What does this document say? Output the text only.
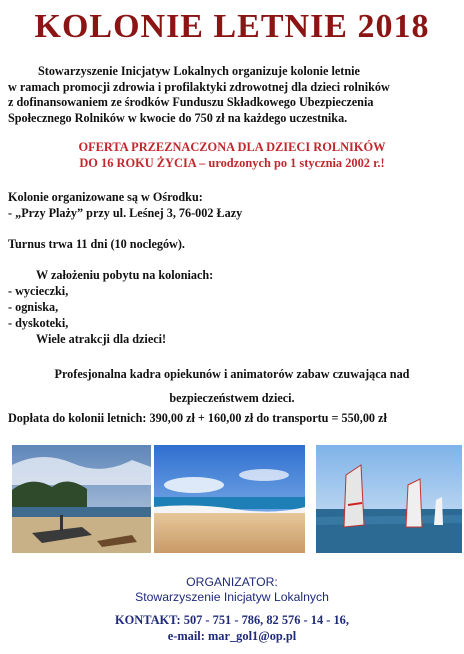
KOLONIE LETNIE 2018

Stowarzyszenie Inicjatyw Lokalnych organizuje kolonie letnie

w ramach promocji zdrowia i profilaktyki zdrowotnej dla dzieci rolników
z dofinansowaniem ze środków Funduszu Składkowego Ubezpieczenia
Społecznego Rolników w kwocie do 750 zł na każdego uczestnika.
OFERTA PRZEZNACZONA DLA DZIECI ROLNIKÓW
DO 16 ROKU ŻYCIA – urodzonych po 1 stycznia 2002 r.!
Kolonie organizowane są w Ośrodku:
- „Przy Plaży” przy ul. Leśnej 3, 76-002 Łazy
Turnus trwa 11 dni (10 noclegów).
W założeniu pobytu na koloniach:
- wycieczki,
- ogniska,
- dyskoteki,
Wiele atrakcji dla dzieci!
Profesjonalna kadra opiekunów i animatorów zabaw czuwająca nad
bezpieczeństwem dzieci.
Dopłata do kolonii letnich: 390,00 zł + 160,00 zł do transportu = 550,00 zł
ORGANIZATOR:
Stowarzyszenie Inicjatyw Lokalnych
KONTAKT: 507 - 751 - 786, 82 576 - 14 - 16,
e-mail: mar_gol1@op.pl
